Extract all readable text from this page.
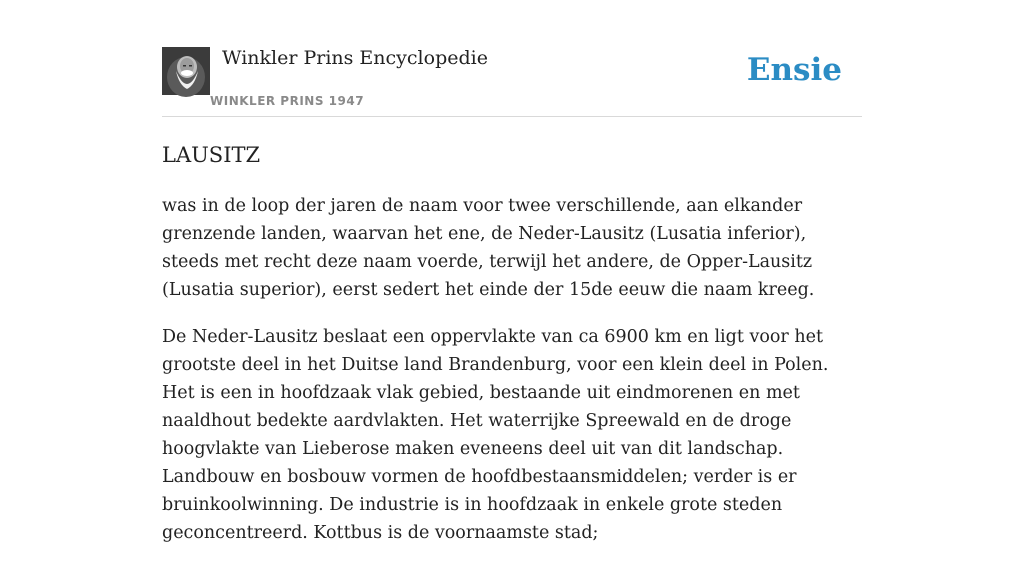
Winkler Prins Encyclopedie
WINKLER PRINS 1947
Ensie
LAUSITZ

was in de loop der jaren de naam voor twee verschillende, aan elkander grenzende landen, waarvan het ene, de Neder-Lausitz (Lusatia inferior), steeds met recht deze naam voerde, terwijl het andere, de Opper-Lausitz (Lusatia superior), eerst sedert het einde der 15de eeuw die naam kreeg.

De Neder-Lausitz beslaat een oppervlakte van ca 6900 km en ligt voor het grootste deel in het Duitse land Brandenburg, voor een klein deel in Polen. Het is een in hoofdzaak vlak gebied, bestaande uit eindmorenen en met naaldhout bedekte aardvlakten. Het waterrijke Spreewald en de droge hoogvlakte van Lieberose maken eveneens deel uit van dit landschap. Landbouw en bosbouw vormen de hoofdbestaansmiddelen; verder is er bruinkoolwinning. De industrie is in hoofdzaak in enkele grote steden geconcentreerd. Kottbus is de voornaamste stad;
